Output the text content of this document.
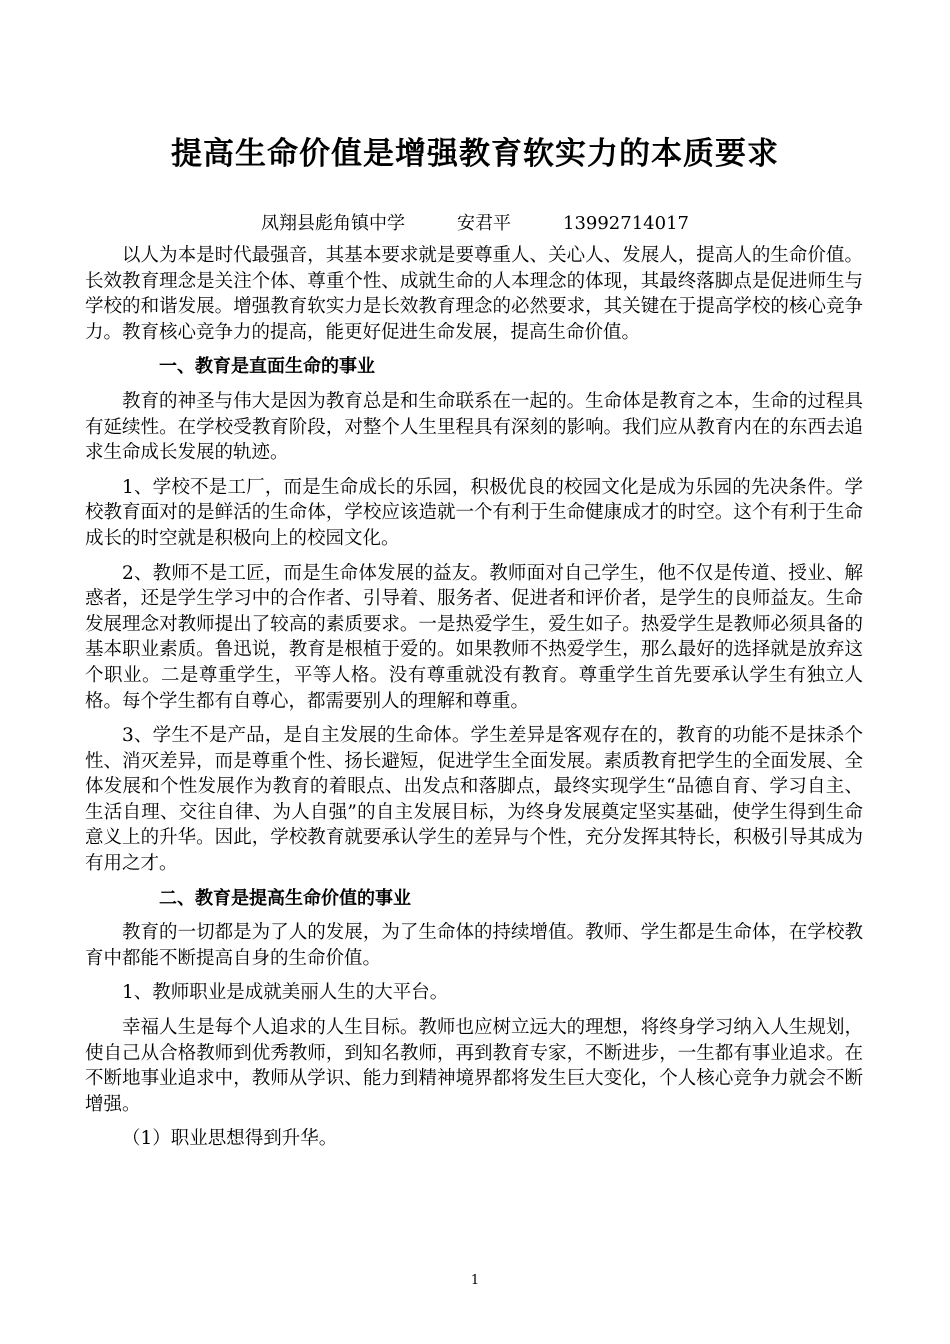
提高生命价值是增强教育软实力的本质要求
凤翔县彪角镇中学	安君平	13992714017

以人为本是时代最强音，其基本要求就是要尊重人、关心人、发展人，提高人的生命价值。长效教育理念是关注个体、尊重个性、成就生命的人本理念的体现，其最终落脚点是促进师生与学校的和谐发展。增强教育软实力是长效教育理念的必然要求，其关键在于提高学校的核心竞争力。教育核心竞争力的提高，能更好促进生命发展，提高生命价值。

一、教育是直面生命的事业

教育的神圣与伟大是因为教育总是和生命联系在一起的。生命体是教育之本，生命的过程具有延续性。在学校受教育阶段，对整个人生里程具有深刻的影响。我们应从教育内在的东西去追求生命成长发展的轨迹。

1、学校不是工厂，而是生命成长的乐园，积极优良的校园文化是成为乐园的先决条件。学校教育面对的是鲜活的生命体，学校应该造就一个有利于生命健康成才的时空。这个有利于生命成长的时空就是积极向上的校园文化。

2、教师不是工匠，而是生命体发展的益友。教师面对自己学生，他不仅是传道、授业、解惑者，还是学生学习中的合作者、引导着、服务者、促进者和评价者，是学生的良师益友。生命发展理念对教师提出了较高的素质要求。一是热爱学生，爱生如子。热爱学生是教师必须具备的基本职业素质。鲁迅说，教育是根植于爱的。如果教师不热爱学生，那么最好的选择就是放弃这个职业。二是尊重学生，平等人格。没有尊重就没有教育。尊重学生首先要承认学生有独立人格。每个学生都有自尊心，都需要别人的理解和尊重。

3、学生不是产品，是自主发展的生命体。学生差异是客观存在的，教育的功能不是抹杀个性、消灭差异，而是尊重个性、扬长避短，促进学生全面发展。素质教育把学生的全面发展、全体发展和个性发展作为教育的着眼点、出发点和落脚点，最终实现学生“品德自育、学习自主、生活自理、交往自律、为人自强”的自主发展目标，为终身发展奠定坚实基础，使学生得到生命意义上的升华。因此，学校教育就要承认学生的差异与个性，充分发挥其特长，积极引导其成为有用之才。

二、教育是提高生命价值的事业

教育的一切都是为了人的发展，为了生命体的持续增值。教师、学生都是生命体，在学校教育中都能不断提高自身的生命价值。

1、教师职业是成就美丽人生的大平台。

幸福人生是每个人追求的人生目标。教师也应树立远大的理想，将终身学习纳入人生规划，使自己从合格教师到优秀教师，到知名教师，再到教育专家，不断进步，一生都有事业追求。在不断地事业追求中，教师从学识、能力到精神境界都将发生巨大变化，个人核心竞争力就会不断增强。

（1）职业思想得到升华。

1
